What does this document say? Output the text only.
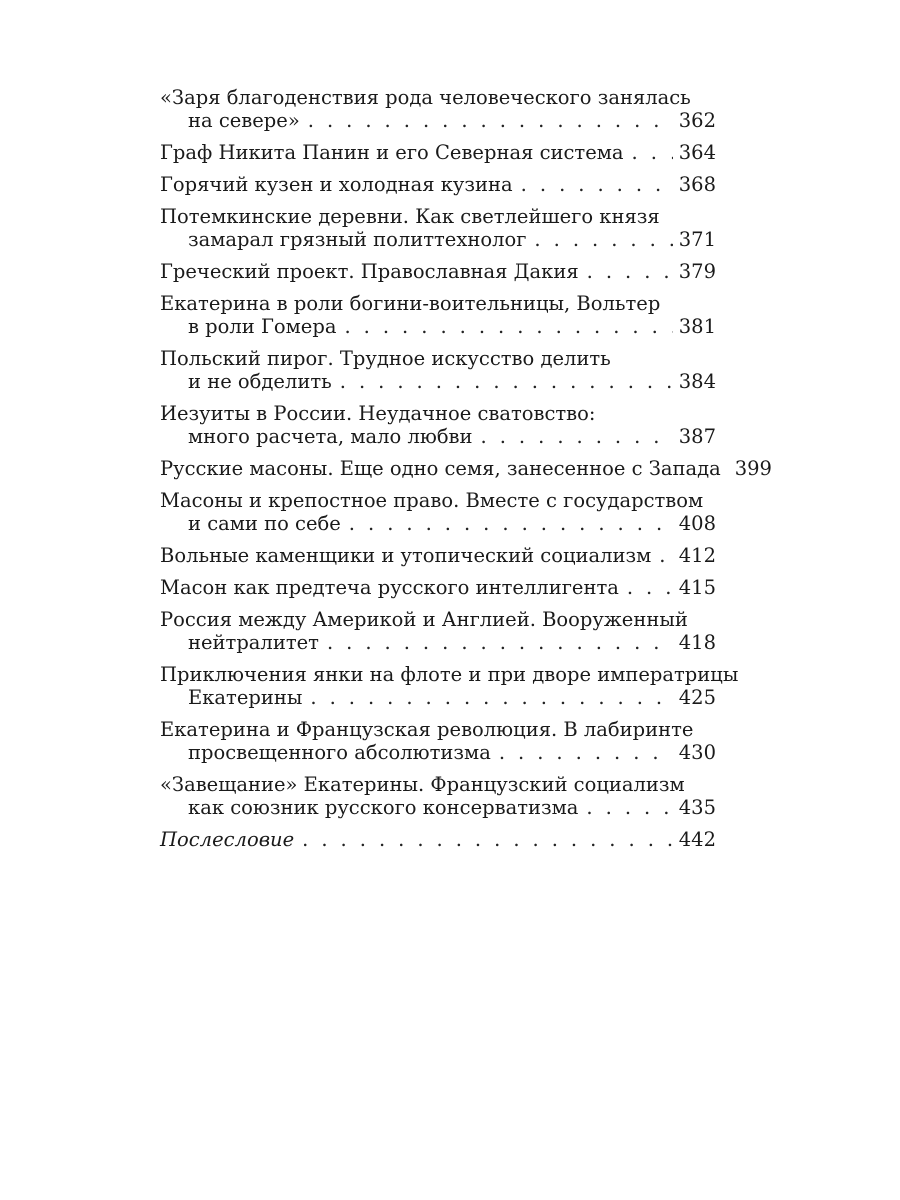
«Заря благоденствия рода человеческого занялась
на севере» . . .	362
Граф Никита Панин и его Северная система . . .	364
Горячий кузен и холодная кузина . . .	368
Потемкинские деревни. Как светлейшего князя
замарал грязный политтехнолог . . .	371
Греческий проект. Православная Дакия . . .	379
Екатерина в роли богини-воительницы, Вольтер
в роли Гомера . . .	381
Польский пирог. Трудное искусство делить
и не обделить . . .	384
Иезуиты в России. Неудачное сватовство:
много расчета, мало любви . . .	387
Русские масоны. Еще одно семя, занесенное с Запада 399
Масоны и крепостное право. Вместе с государством
и сами по себе . . .	408
Вольные каменщики и утопический социализм . . . 412
Масон как предтеча русского интеллигента . . .	415
Россия между Америкой и Англией. Вооруженный
нейтралитет . . .	418
Приключения янки на флоте и при дворе императрицы
Екатерины . . .	425
Екатерина и Французская революция. В лабиринте
просвещенного абсолютизма . . .	430
«Завещание» Екатерины. Французский социализм
как союзник русского консерватизма . . .	435
Послесловие . . .	442
